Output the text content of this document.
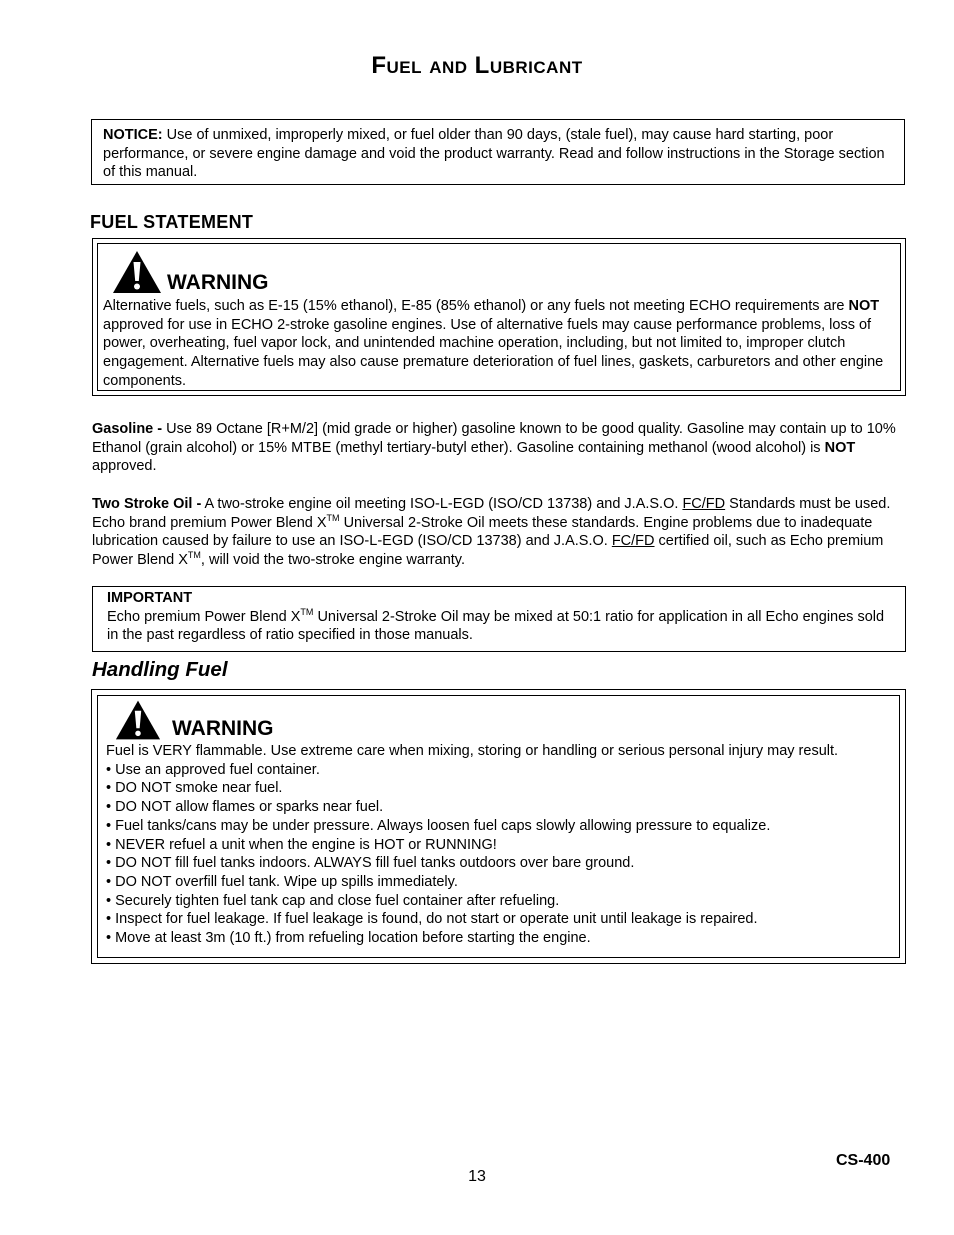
Fuel and Lubricant
NOTICE: Use of unmixed, improperly mixed, or fuel older than 90 days, (stale fuel), may cause hard starting, poor performance, or severe engine damage and void the product warranty. Read and follow instructions in the Storage section of this manual.
FUEL STATEMENT
WARNING
Alternative fuels, such as E-15 (15% ethanol), E-85 (85% ethanol) or any fuels not meeting ECHO requirements are NOT approved for use in ECHO 2-stroke gasoline engines. Use of alternative fuels may cause performance problems, loss of power, overheating, fuel vapor lock, and unintended machine operation, including, but not limited to, improper clutch engagement. Alternative fuels may also cause premature deterioration of fuel lines, gaskets, carburetors and other engine components.
Gasoline - Use 89 Octane [R+M/2] (mid grade or higher) gasoline known to be good quality. Gasoline may contain up to 10% Ethanol (grain alcohol) or 15% MTBE (methyl tertiary-butyl ether). Gasoline containing methanol (wood alcohol) is NOT approved.
Two Stroke Oil - A two-stroke engine oil meeting ISO-L-EGD (ISO/CD 13738) and J.A.S.O. FC/FD Standards must be used. Echo brand premium Power Blend X™ Universal 2-Stroke Oil meets these standards. Engine problems due to inadequate lubrication caused by failure to use an ISO-L-EGD (ISO/CD 13738) and J.A.S.O. FC/FD certified oil, such as Echo premium Power Blend X™, will void the two-stroke engine warranty.
IMPORTANT
Echo premium Power Blend X™ Universal 2-Stroke Oil may be mixed at 50:1 ratio for application in all Echo engines sold in the past regardless of ratio specified in those manuals.
Handling Fuel
WARNING

Fuel is VERY flammable. Use extreme care when mixing, storing or handling or serious personal injury may result.

• Use an approved fuel container.
• DO NOT smoke near fuel.
• DO NOT allow flames or sparks near fuel.
• Fuel tanks/cans may be under pressure. Always loosen fuel caps slowly allowing pressure to equalize.
• NEVER refuel a unit when the engine is HOT or RUNNING!
• DO NOT fill fuel tanks indoors. ALWAYS fill fuel tanks outdoors over bare ground.
• DO NOT overfill fuel tank. Wipe up spills immediately.
• Securely tighten fuel tank cap and close fuel container after refueling.
• Inspect for fuel leakage. If fuel leakage is found, do not start or operate unit until leakage is repaired.
• Move at least 3m (10 ft.) from refueling location before starting the engine.
13
CS-400
